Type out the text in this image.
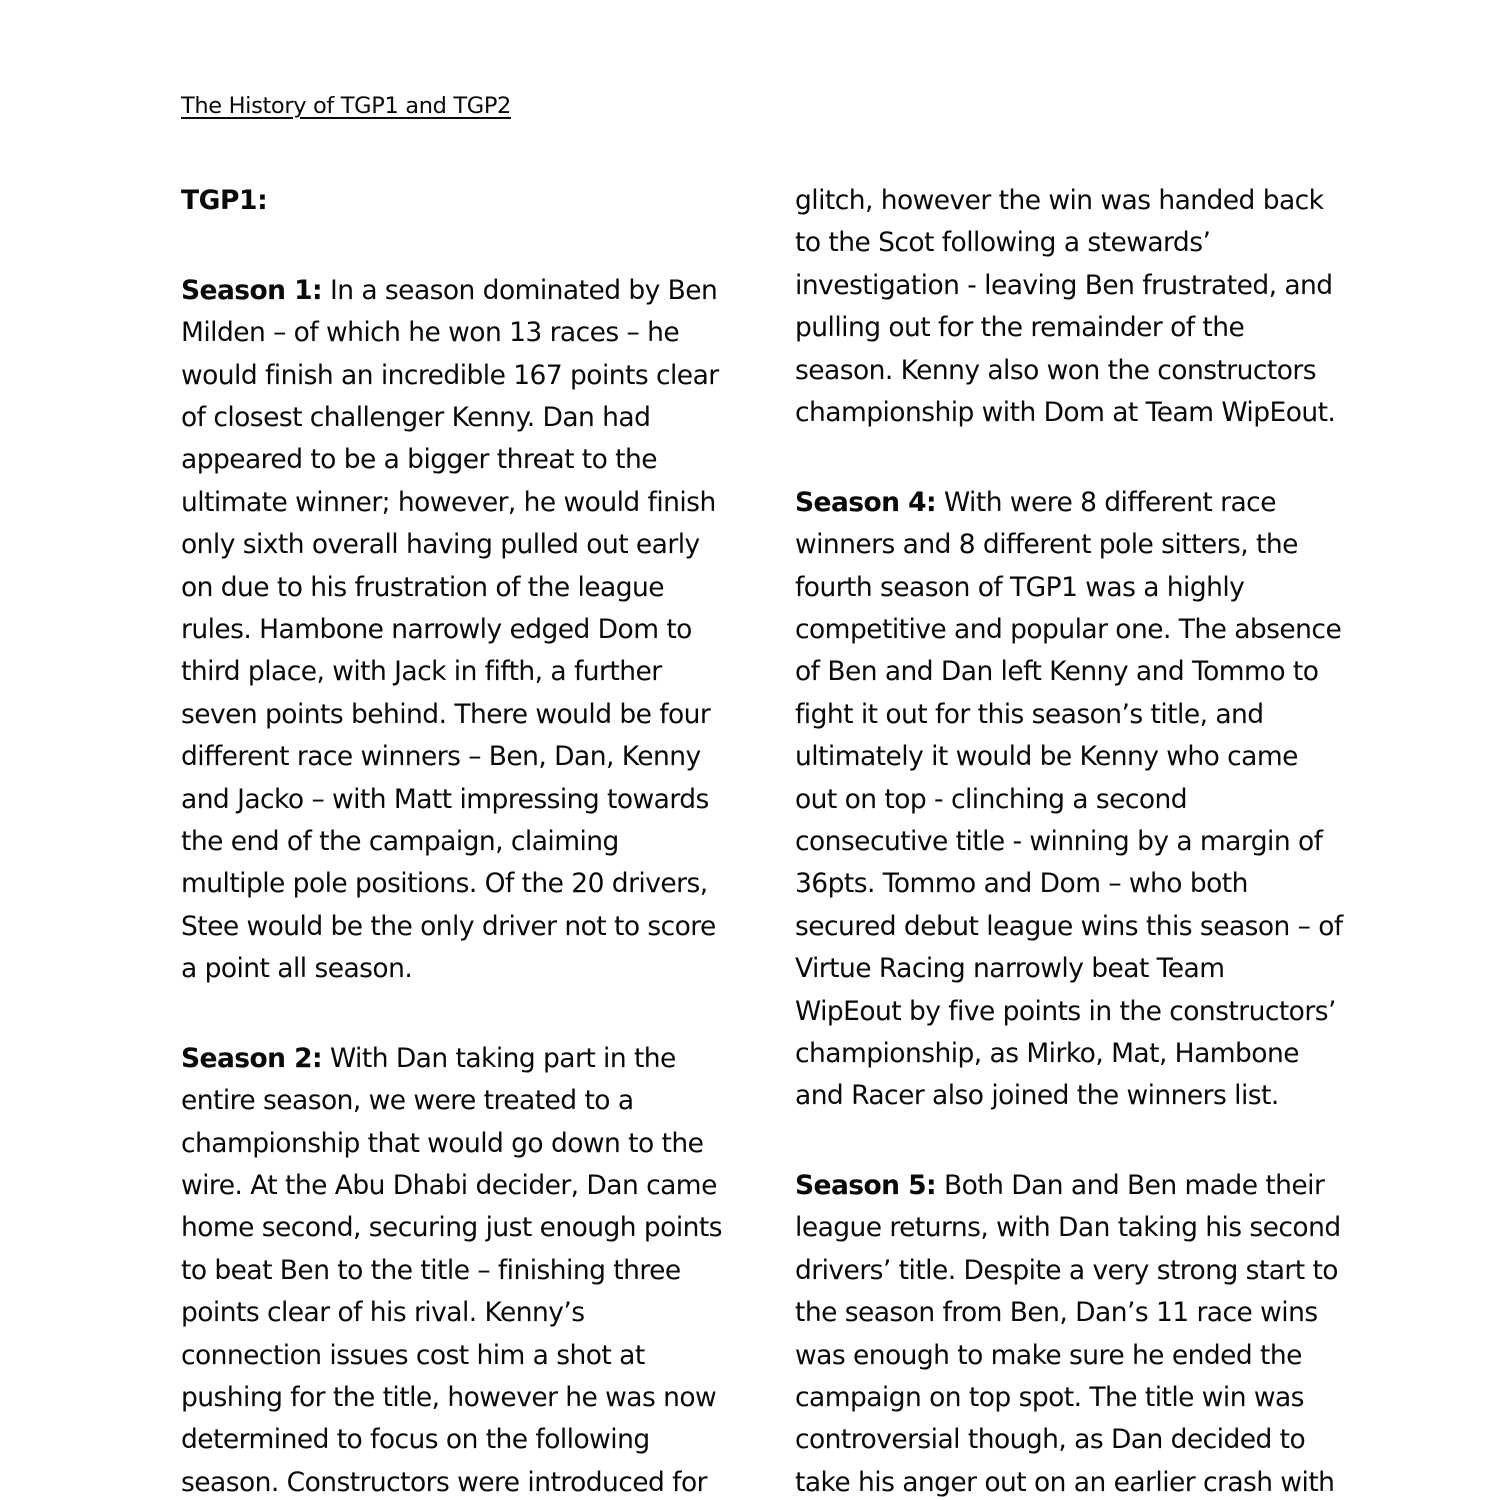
The History of TGP1 and TGP2
TGP1:
Season 1: In a season dominated by Ben
Milden – of which he won 13 races – he
would finish an incredible 167 points clear
of closest challenger Kenny. Dan had
appeared to be a bigger threat to the
ultimate winner; however, he would finish
only sixth overall having pulled out early
on due to his frustration of the league
rules. Hambone narrowly edged Dom to
third place, with Jack in fifth, a further
seven points behind. There would be four
different race winners – Ben, Dan, Kenny
and Jacko – with Matt impressing towards
the end of the campaign, claiming
multiple pole positions. Of the 20 drivers,
Stee would be the only driver not to score
a point all season.
Season 2: With Dan taking part in the
entire season, we were treated to a
championship that would go down to the
wire. At the Abu Dhabi decider, Dan came
home second, securing just enough points
to beat Ben to the title – finishing three
points clear of his rival. Kenny’s
connection issues cost him a shot at
pushing for the title, however he was now
determined to focus on the following
season. Constructors were introduced for
glitch, however the win was handed back
to the Scot following a stewards’
investigation - leaving Ben frustrated, and
pulling out for the remainder of the
season. Kenny also won the constructors
championship with Dom at Team WipEout.
Season 4: With were 8 different race
winners and 8 different pole sitters, the
fourth season of TGP1 was a highly
competitive and popular one. The absence
of Ben and Dan left Kenny and Tommo to
fight it out for this season’s title, and
ultimately it would be Kenny who came
out on top - clinching a second
consecutive title - winning by a margin of
36pts. Tommo and Dom – who both
secured debut league wins this season – of
Virtue Racing narrowly beat Team
WipEout by five points in the constructors’
championship, as Mirko, Mat, Hambone
and Racer also joined the winners list.
Season 5: Both Dan and Ben made their
league returns, with Dan taking his second
drivers’ title. Despite a very strong start to
the season from Ben, Dan’s 11 race wins
was enough to make sure he ended the
campaign on top spot. The title win was
controversial though, as Dan decided to
take his anger out on an earlier crash with
